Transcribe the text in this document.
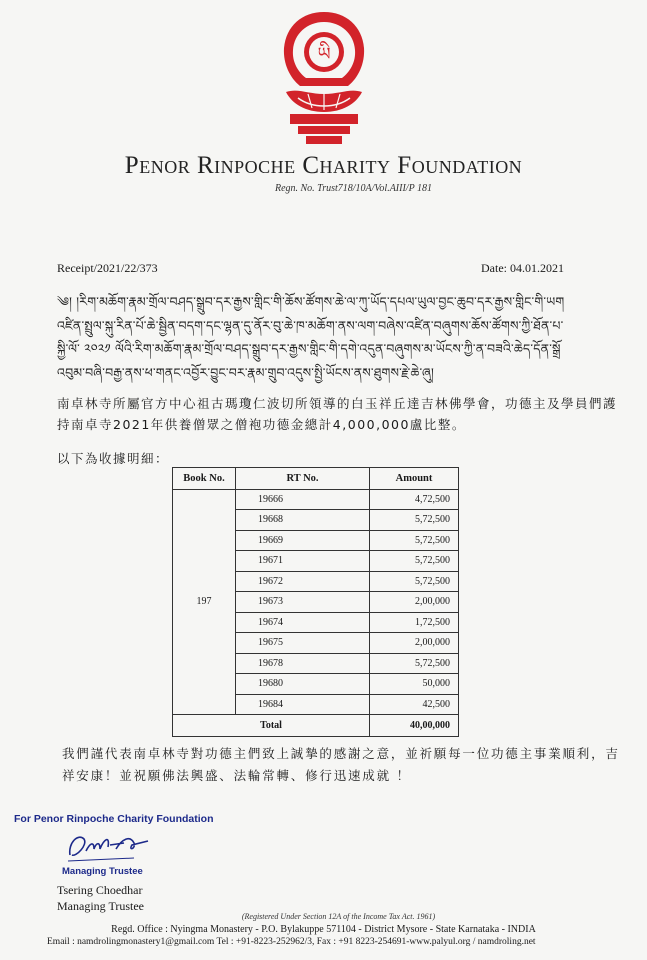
ཡི
Penor Rinpoche Charity Foundation
Regn. No. Trust718/10A/Vol.AIII/P 181
Receipt/2021/22/373	Date: 04.01.2021
༄། །རིག་མཆོག་རྣམ་གྲོལ་བཤད་སྒྲུབ་དར་རྒྱས་གླིང་གི་ཆོས་ཚོགས་ཆེ་ལ་ཀུ་ཡོད་དཔལ་ཡུལ་བྱང་ཆུབ་དར་རྒྱས་གླིང་གི་ཡག
འཛིན་སྤྲུལ་སྐུ་རིན་པོ་ཆེ་སྦྱིན་བདག་དང་ལྷན་དུ་ནོར་བུ་ཆེ་ཁ་མཆོག་ནས་ལག་བཞེས་འཛིན་བཞུགས་ཆོས་ཚོགས་ཀྱི་ཐོན་པ་
སྐྱི་ལོ་ ༢༠༢༡ ལོའི་རིག་མཆོག་རྣམ་གྲོལ་བཤད་སྒྲུབ་དར་རྒྱས་གླིང་གི་དགེ་འདུན་བཞུགས་མ་ཡོངས་ཀྱི་ན་བཟའི་ཆེད་དོན་སྒྲོ
འབུམ་བཞི་བརྒྱ་ནས་ཕ་གནང་འབྱོར་བྱུང་བར་རྣམ་གྲུབ་འདུས་སྤྱི་ཡོངས་ནས་ཐུགས་རྗེ་ཆེ་ཞུ།
南卓林寺所屬官方中心祖古瑪瓊仁波切所領導的白玉祥丘達吉林佛學會，功德主及學員們護持南卓寺2021年供養僧眾之僧袍功德金總計4,000,000盧比整。
以下為收據明細：
Book No.	RT No.	Amount
197	19666	4,72,500
	19668	5,72,500
	19669	5,72,500
	19671	5,72,500
	19672	5,72,500
	19673	2,00,000
	19674	1,72,500
	19675	2,00,000
	19678	5,72,500
	19680	50,000
	19684	42,500
Total		40,00,000
我們謹代表南卓林寺對功德主們致上誠摯的感謝之意，並祈願每一位功德主事業順利，吉祥安康！並祝願佛法興盛、法輪常轉、修行迅速成就 ！
For Penor Rinpoche Charity Foundation
Managing Trustee
Tsering Choedhar
Managing Trustee
(Registered Under Section 12A of the Income Tax Act. 1961)
Regd. Office : Nyingma Monastery - P.O. Bylakuppe 571104 - District Mysore - State Karnataka - INDIA
Email : namdrolingmonastery1@gmail.com Tel : +91-8223-252962/3, Fax : +91 8223-254691-www.palyul.org / namdroling.net
